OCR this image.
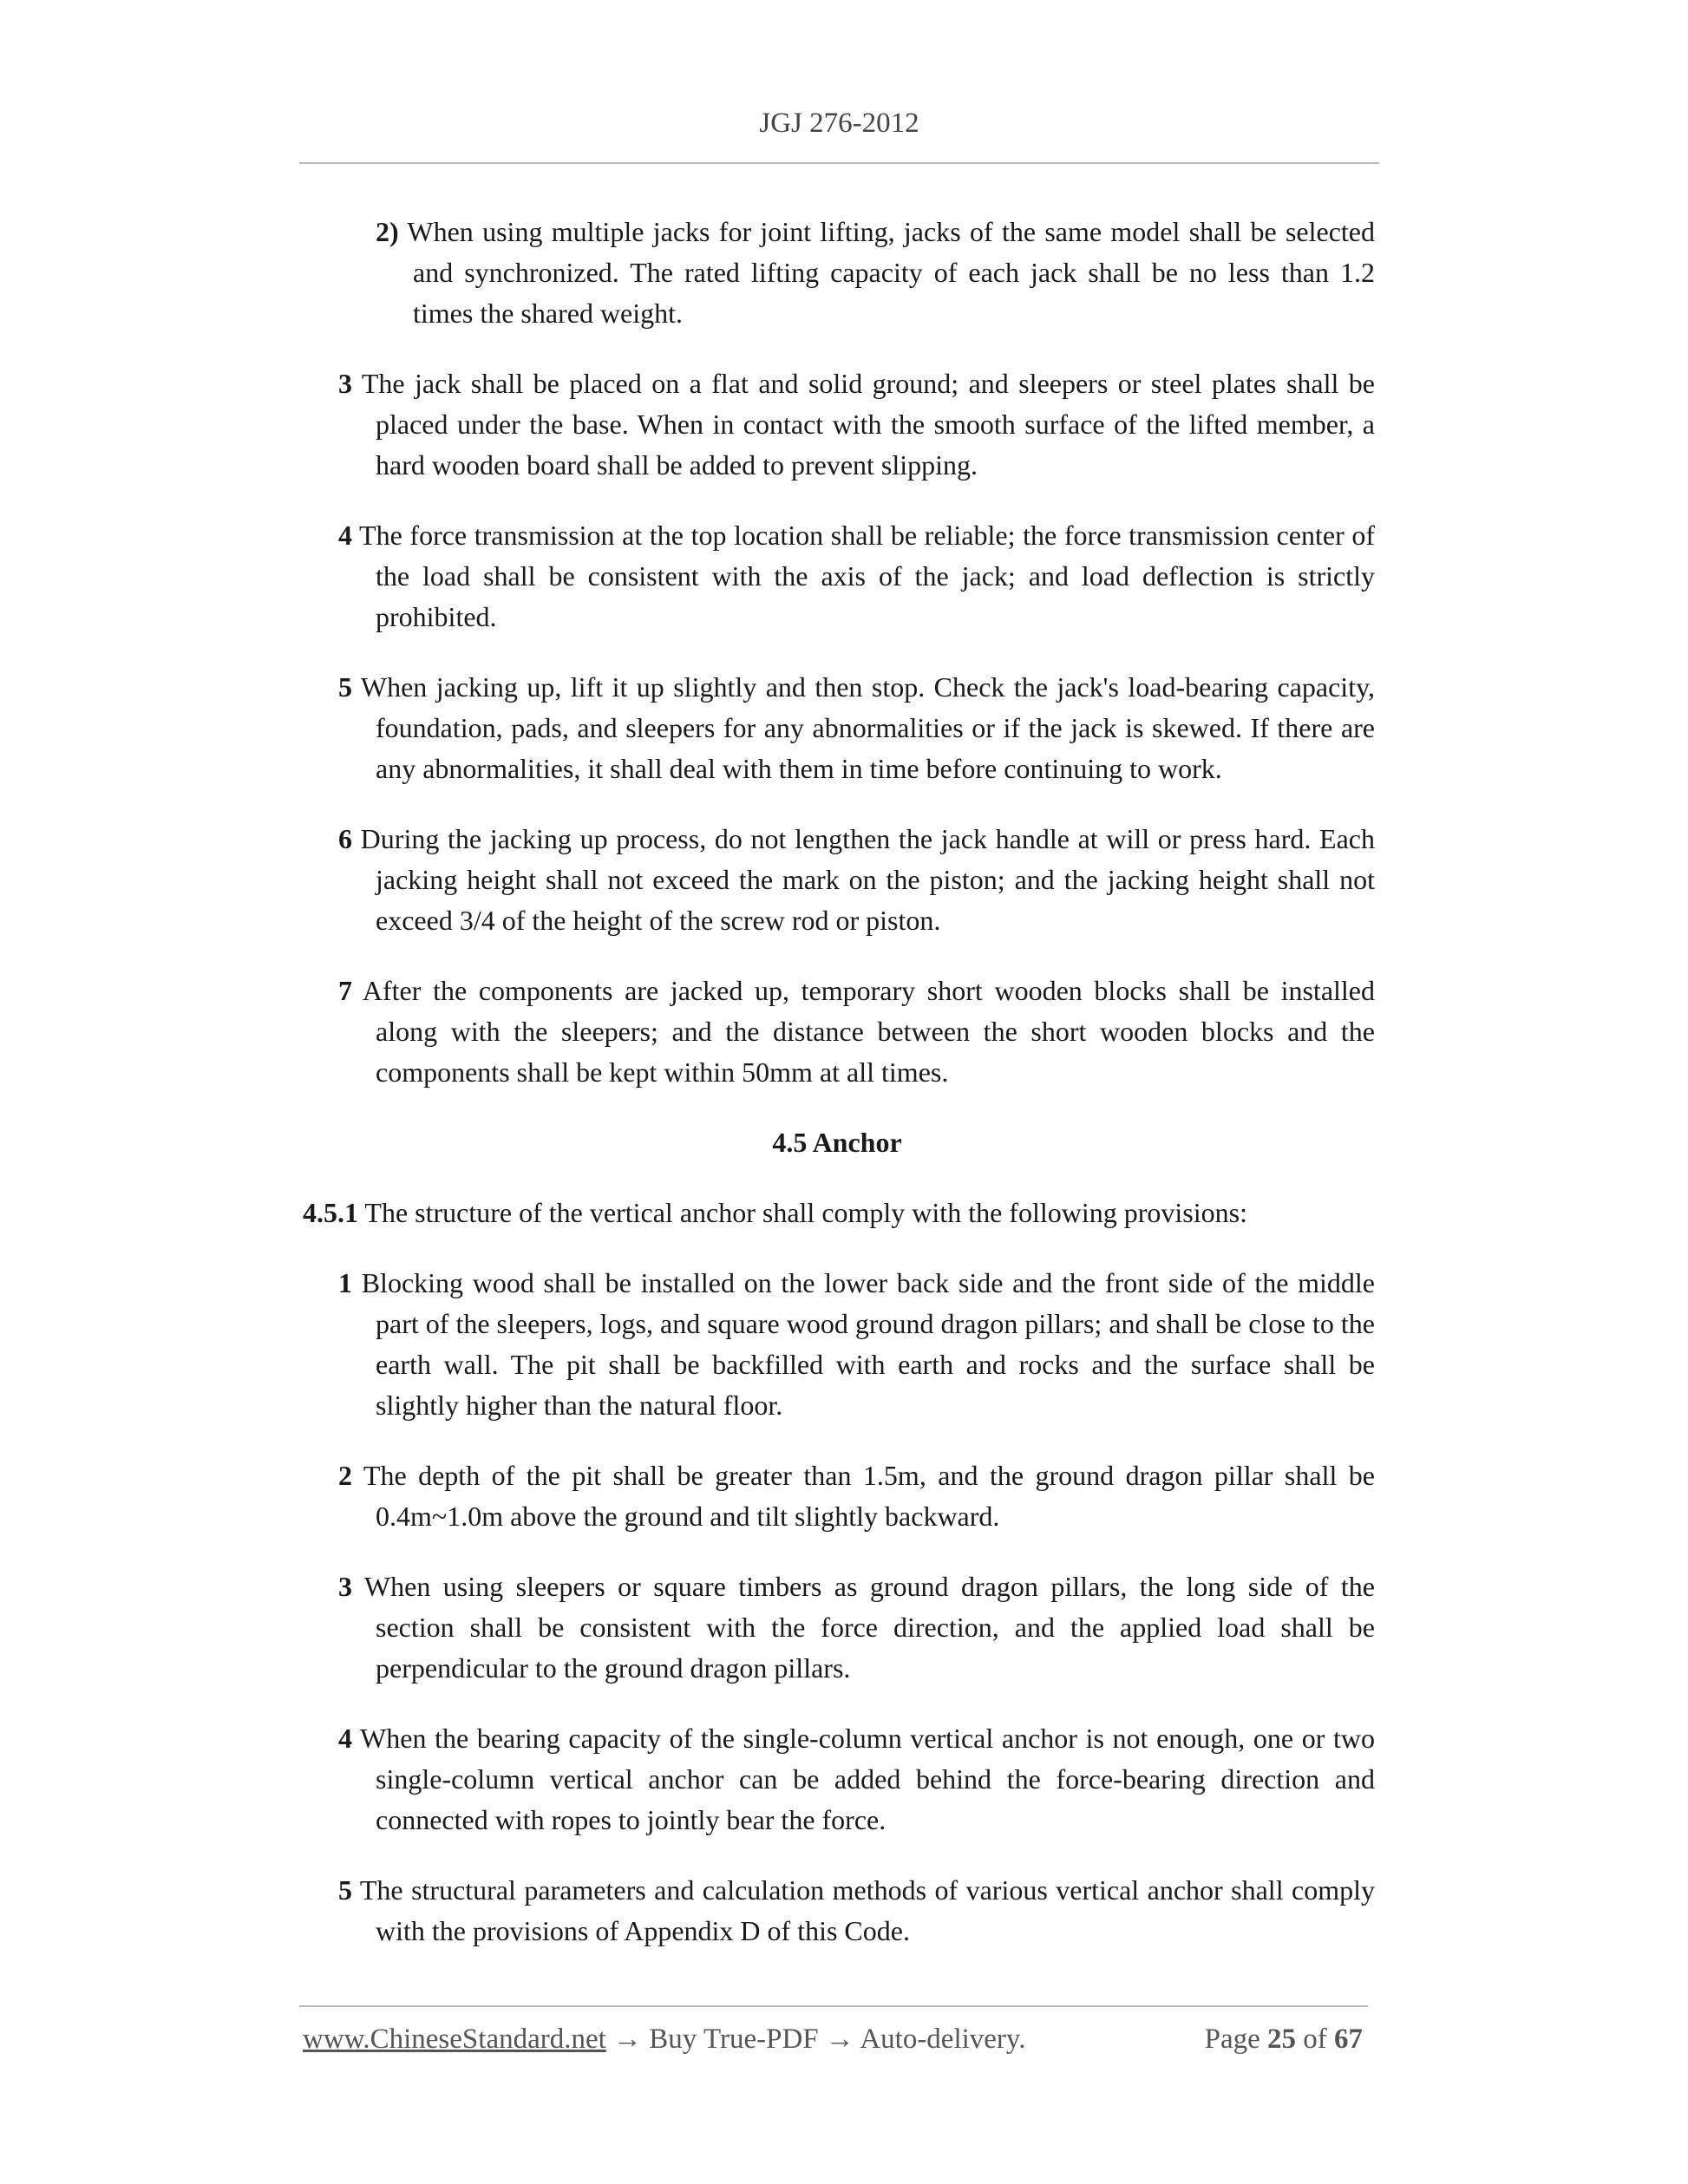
JGJ 276-2012

2) When using multiple jacks for joint lifting, jacks of the same model shall be selected and synchronized. The rated lifting capacity of each jack shall be no less than 1.2 times the shared weight.

3 The jack shall be placed on a flat and solid ground; and sleepers or steel plates shall be placed under the base. When in contact with the smooth surface of the lifted member, a hard wooden board shall be added to prevent slipping.

4 The force transmission at the top location shall be reliable; the force transmission center of the load shall be consistent with the axis of the jack; and load deflection is strictly prohibited.

5 When jacking up, lift it up slightly and then stop. Check the jack's load-bearing capacity, foundation, pads, and sleepers for any abnormalities or if the jack is skewed. If there are any abnormalities, it shall deal with them in time before continuing to work.

6 During the jacking up process, do not lengthen the jack handle at will or press hard. Each jacking height shall not exceed the mark on the piston; and the jacking height shall not exceed 3/4 of the height of the screw rod or piston.

7 After the components are jacked up, temporary short wooden blocks shall be installed along with the sleepers; and the distance between the short wooden blocks and the components shall be kept within 50mm at all times.

4.5 Anchor

4.5.1 The structure of the vertical anchor shall comply with the following provisions:

1 Blocking wood shall be installed on the lower back side and the front side of the middle part of the sleepers, logs, and square wood ground dragon pillars; and shall be close to the earth wall. The pit shall be backfilled with earth and rocks and the surface shall be slightly higher than the natural floor.

2 The depth of the pit shall be greater than 1.5m, and the ground dragon pillar shall be 0.4m~1.0m above the ground and tilt slightly backward.

3 When using sleepers or square timbers as ground dragon pillars, the long side of the section shall be consistent with the force direction, and the applied load shall be perpendicular to the ground dragon pillars.

4 When the bearing capacity of the single-column vertical anchor is not enough, one or two single-column vertical anchor can be added behind the force-bearing direction and connected with ropes to jointly bear the force.

5 The structural parameters and calculation methods of various vertical anchor shall comply with the provisions of Appendix D of this Code.

www.ChineseStandard.net → Buy True-PDF → Auto-delivery.	Page 25 of 67
